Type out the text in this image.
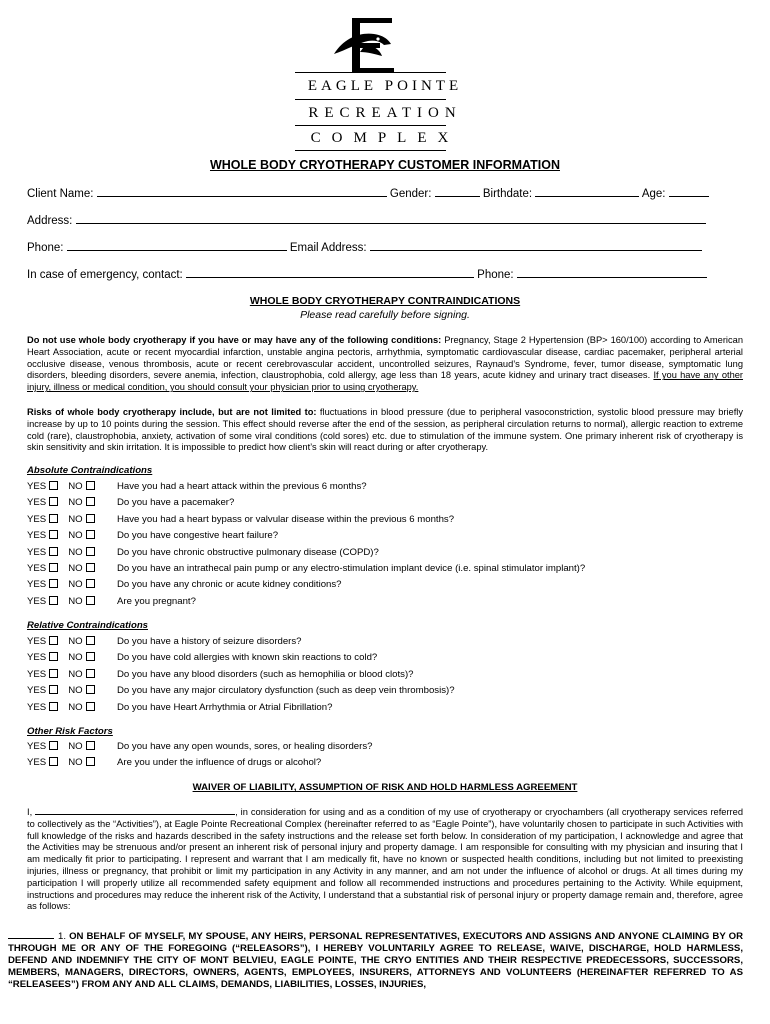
EAGLE POINTE
RECREATION
COMPLEX
WHOLE BODY CRYOTHERAPY CUSTOMER INFORMATION
Client Name:	Gender:	Birthdate:	Age:
Address:
Phone:	Email Address:
In case of emergency, contact:	Phone:
WHOLE BODY CRYOTHERAPY CONTRAINDICATIONS
Please read carefully before signing.
Do not use whole body cryotherapy if you have or may have any of the following conditions: Pregnancy, Stage 2 Hypertension (BP> 160/100) according to American Heart Association, acute or recent myocardial infarction, unstable angina pectoris, arrhythmia, symptomatic cardiovascular disease, cardiac pacemaker, peripheral arterial occlusive disease, venous thrombosis, acute or recent cerebrovascular accident, uncontrolled seizures, Raynaud’s Syndrome, fever, tumor disease, symptomatic lung disorders, bleeding disorders, severe anemia, infection, claustrophobia, cold allergy, age less than 18 years, acute kidney and urinary tract diseases. If you have any other injury, illness or medical condition, you should consult your physician prior to using cryotherapy.
Risks of whole body cryotherapy include, but are not limited to: fluctuations in blood pressure (due to peripheral vasoconstriction, systolic blood pressure may briefly increase by up to 10 points during the session. This effect should reverse after the end of the session, as peripheral circulation returns to normal), allergic reaction to extreme cold (rare), claustrophobia, anxiety, activation of some viral conditions (cold sores) etc. due to stimulation of the immune system. One primary inherent risk of cryotherapy is skin sensitivity and skin irritation. It is impossible to predict how client’s skin will react during or after cryotherapy.
Absolute Contraindications
YES NO	Have you had a heart attack within the previous 6 months?
YES NO	Do you have a pacemaker?
YES NO	Have you had a heart bypass or valvular disease within the previous 6 months?
YES NO	Do you have congestive heart failure?
YES NO	Do you have chronic obstructive pulmonary disease (COPD)?
YES NO	Do you have an intrathecal pain pump or any electro-stimulation implant device (i.e. spinal stimulator implant)?
YES NO	Do you have any chronic or acute kidney conditions?
YES NO	Are you pregnant?
Relative Contraindications
YES NO	Do you have a history of seizure disorders?
YES NO	Do you have cold allergies with known skin reactions to cold?
YES NO	Do you have any blood disorders (such as hemophilia or blood clots)?
YES NO	Do you have any major circulatory dysfunction (such as deep vein thrombosis)?
YES NO	Do you have Heart Arrhythmia or Atrial Fibrillation?
Other Risk Factors
YES NO	Do you have any open wounds, sores, or healing disorders?
YES NO	Are you under the influence of drugs or alcohol?
WAIVER OF LIABILITY, ASSUMPTION OF RISK AND HOLD HARMLESS AGREEMENT
I,	, in consideration for using and as a condition of my use of cryotherapy or cryochambers (all cryotherapy services referred to collectively as the “Activities”), at Eagle Pointe Recreational Complex (hereinafter referred to as “Eagle Pointe”), have voluntarily chosen to participate in such Activities with full knowledge of the risks and hazards described in the safety instructions and the release set forth below. In consideration of my participation, I acknowledge and agree that the Activities may be strenuous and/or present an inherent risk of personal injury and property damage. I am responsible for consulting with my physician and insuring that I am medically fit prior to participating. I represent and warrant that I am medically fit, have no known or suspected health conditions, including but not limited to preexisting injuries, illness or pregnancy, that prohibit or limit my participation in any Activity in any manner, and am not under the influence of alcohol or drugs. At all times during my participation I will properly utilize all recommended safety equipment and follow all recommended instructions and procedures pertaining to the Activity. While equipment, instructions and procedures may reduce the inherent risk of the Activity, I understand that a substantial risk of personal injury or property damage remain and, therefore, agree as follows:
1. ON BEHALF OF MYSELF, MY SPOUSE, ANY HEIRS, PERSONAL REPRESENTATIVES, EXECUTORS AND ASSIGNS AND ANYONE CLAIMING BY OR THROUGH ME OR ANY OF THE FOREGOING (“RELEASORS”), I HEREBY VOLUNTARILY AGREE TO RELEASE, WAIVE, DISCHARGE, HOLD HARMLESS, DEFEND AND INDEMNIFY THE CITY OF MONT BELVIEU, EAGLE POINTE, THE CRYO ENTITIES AND THEIR RESPECTIVE PREDECESSORS, SUCCESSORS, MEMBERS, MANAGERS, DIRECTORS, OWNERS, AGENTS, EMPLOYEES, INSURERS, ATTORNEYS AND VOLUNTEERS (HEREINAFTER REFERRED TO AS “RELEASEES”) FROM ANY AND ALL CLAIMS, DEMANDS, LIABILITIES, LOSSES, INJURIES,
